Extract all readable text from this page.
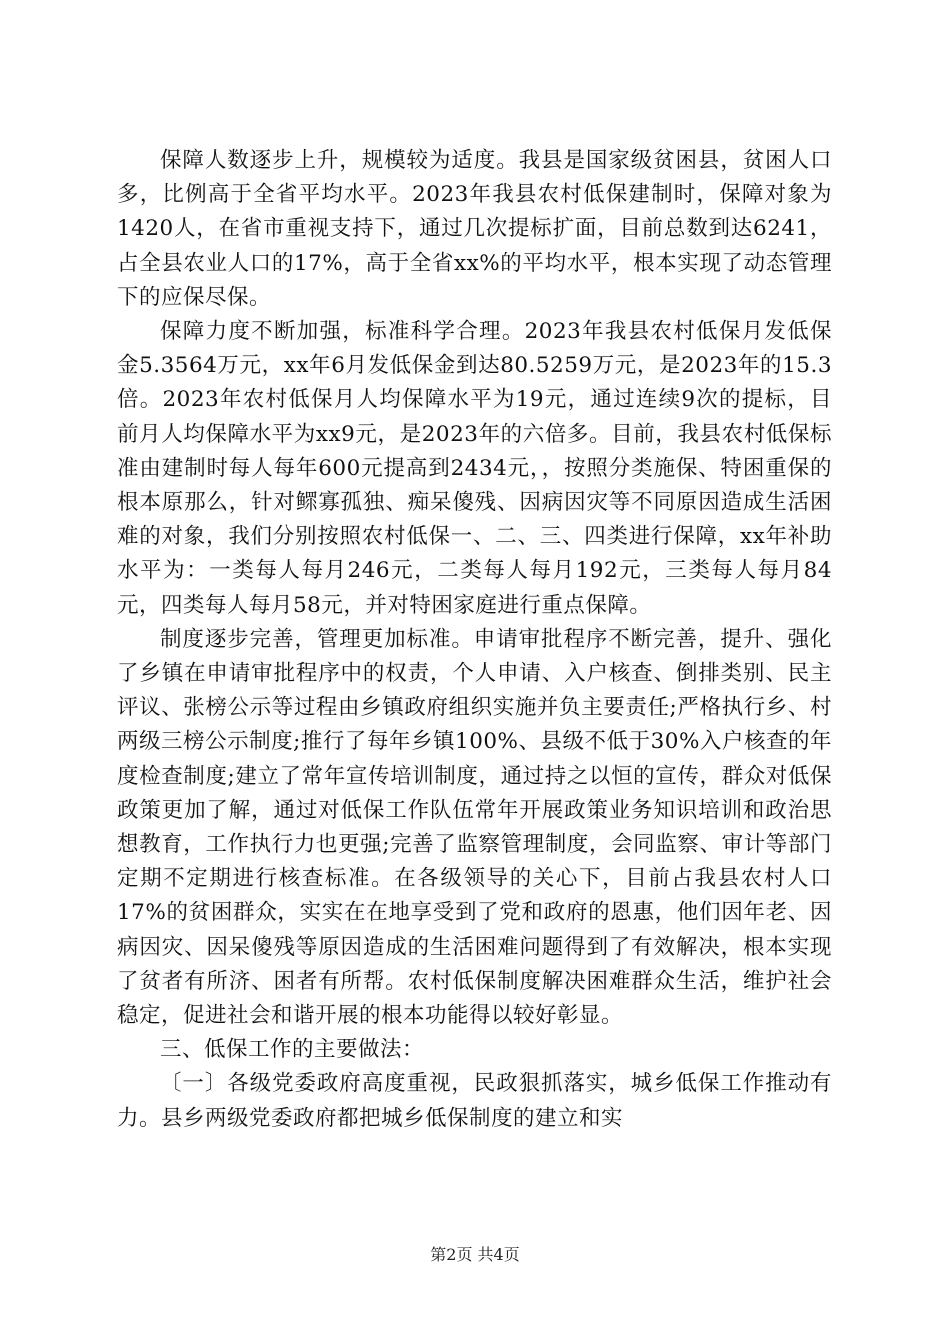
保障人数逐步上升，规模较为适度。我县是国家级贫困县，贫困人口多，比例高于全省平均水平。2023年我县农村低保建制时，保障对象为1420人，在省市重视支持下，通过几次提标扩面，目前总数到达6241，占全县农业人口的17%，高于全省xx%的平均水平，根本实现了动态管理下的应保尽保。

保障力度不断加强，标准科学合理。2023年我县农村低保月发低保金5.3564万元，xx年6月发低保金到达80.5259万元，是2023年的15.3倍。2023年农村低保月人均保障水平为19元，通过连续9次的提标，目前月人均保障水平为xx9元，是2023年的六倍多。目前，我县农村低保标准由建制时每人每年600元提高到2434元，，按照分类施保、特困重保的根本原那么，针对鳏寡孤独、痴呆傻残、因病因灾等不同原因造成生活困难的对象，我们分别按照农村低保一、二、三、四类进行保障，xx年补助水平为：一类每人每月246元，二类每人每月192元，三类每人每月84元，四类每人每月58元，并对特困家庭进行重点保障。

制度逐步完善，管理更加标准。申请审批程序不断完善，提升、强化了乡镇在申请审批程序中的权责，个人申请、入户核查、倒排类别、民主评议、张榜公示等过程由乡镇政府组织实施并负主要责任;严格执行乡、村两级三榜公示制度;推行了每年乡镇100%、县级不低于30%入户核查的年度检查制度;建立了常年宣传培训制度，通过持之以恒的宣传，群众对低保政策更加了解，通过对低保工作队伍常年开展政策业务知识培训和政治思想教育，工作执行力也更强;完善了监察管理制度，会同监察、审计等部门定期不定期进行核查标准。在各级领导的关心下，目前占我县农村人口17%的贫困群众，实实在在地享受到了党和政府的恩惠，他们因年老、因病因灾、因呆傻残等原因造成的生活困难问题得到了有效解决，根本实现了贫者有所济、困者有所帮。农村低保制度解决困难群众生活，维护社会稳定，促进社会和谐开展的根本功能得以较好彰显。

三、低保工作的主要做法：

〔一〕各级党委政府高度重视，民政狠抓落实，城乡低保工作推动有力。县乡两级党委政府都把城乡低保制度的建立和实

第2页 共4页
